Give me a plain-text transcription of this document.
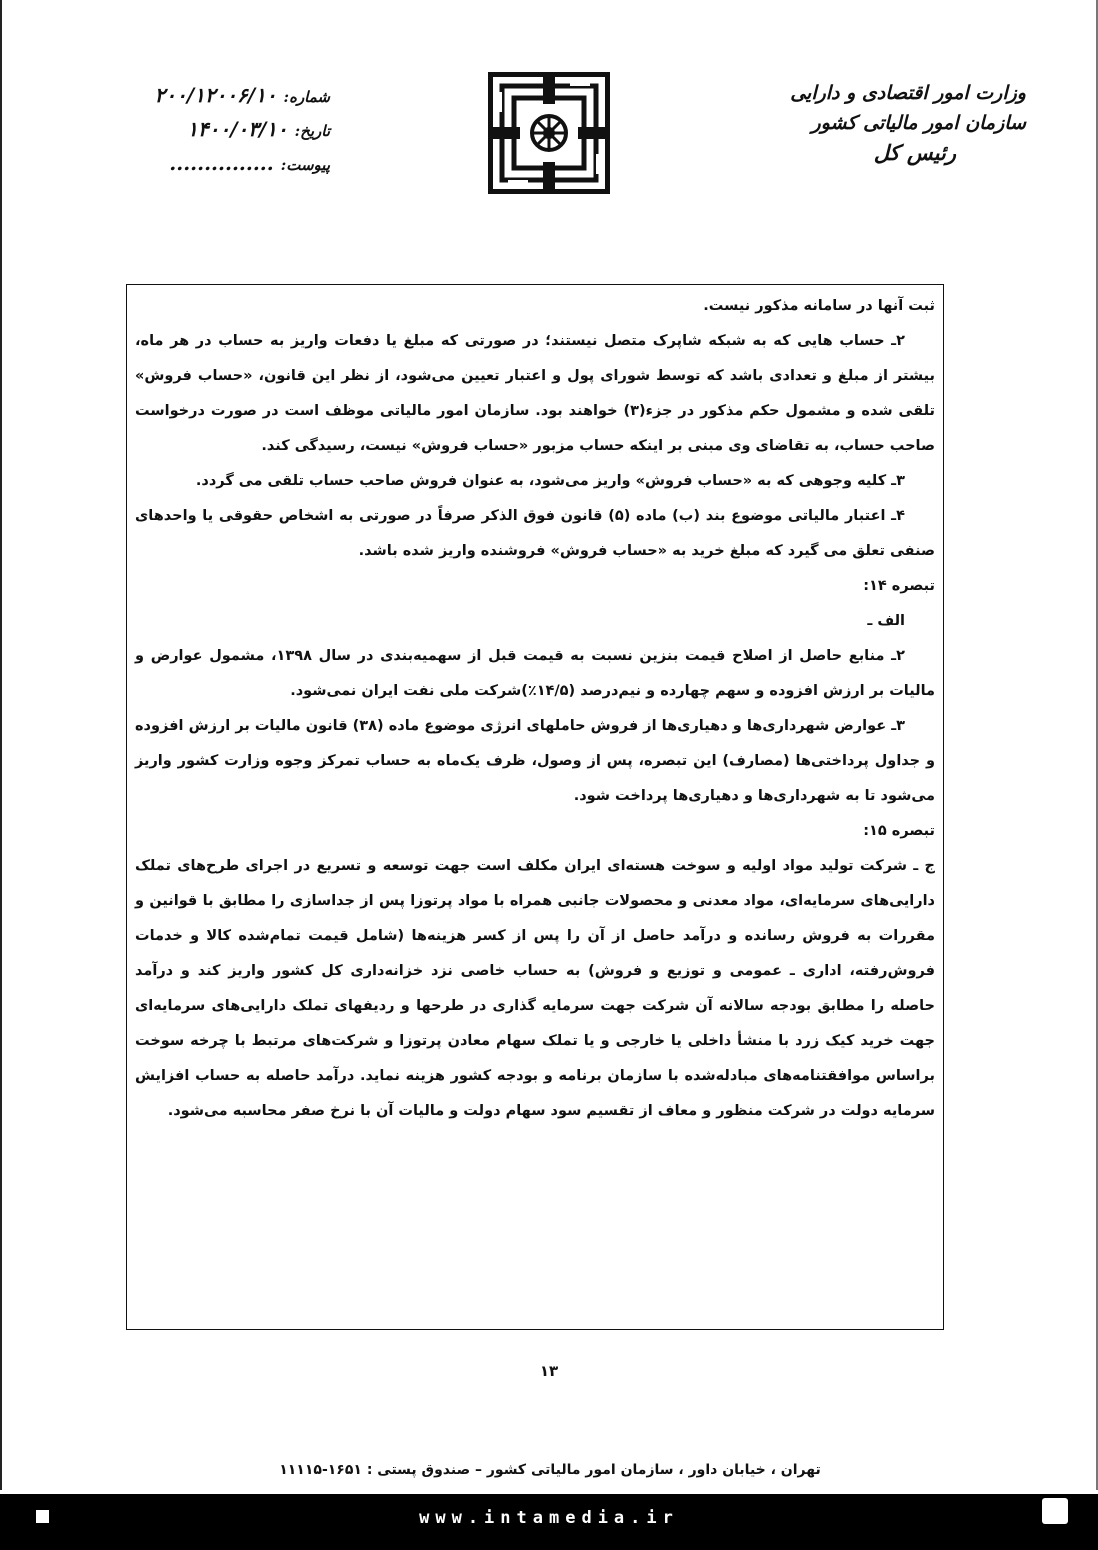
وزارت امور اقتصادی و دارایی
سازمان امور مالیاتی کشور
رئیس کل
شماره: ۲۰۰/۱۲۰۰۶/۱۰
تاریخ: ۱۴۰۰/۰۳/۱۰
پیوست: ...............

ثبت آنها در سامانه مذکور نیست.

۲ـ حساب هایی که به شبکه شاپرک متصل نیستند؛ در صورتی که مبلغ یا دفعات واریز به حساب در هر ماه، بیشتر از مبلغ و تعدادی باشد که توسط شورای پول و اعتبار تعیین می‌شود، از نظر این قانون، «حساب فروش» تلقی شده و مشمول حکم مذکور در جزء(۳) خواهند بود. سازمان امور مالیاتی موظف است در صورت درخواست صاحب حساب، به تقاضای وی مبنی بر اینکه حساب مزبور «حساب فروش» نیست، رسیدگی کند.

۳ـ کلیه وجوهی که به «حساب فروش» واریز می‌شود، به عنوان فروش صاحب حساب تلقی می گردد.

۴ـ اعتبار مالیاتی موضوع بند (ب) ماده (۵) قانون فوق الذکر صرفاً در صورتی به اشخاص حقوقی یا واحدهای صنفی تعلق می گیرد که مبلغ خرید به «حساب فروش» فروشنده واریز شده باشد.

تبصره ۱۴:

الف ـ

۲ـ منابع حاصل از اصلاح قیمت بنزین نسبت به قیمت قبل از سهمیه‌بندی در سال ۱۳۹۸، مشمول عوارض و مالیات بر ارزش افزوده و سهم چهارده و نیم‌درصد (۱۴/۵٪)شرکت ملی نفت ایران نمی‌شود.

۳ـ عوارض شهرداری‌ها و دهیاری‌ها از فروش حاملهای انرژی موضوع ماده (۳۸) قانون مالیات بر ارزش افزوده و جداول پرداختی‌ها (مصارف) این تبصره، پس از وصول، ظرف یک‌ماه به حساب تمرکز وجوه وزارت کشور واریز می‌شود تا به شهرداری‌ها و دهیاری‌ها پرداخت شود.

تبصره ۱۵:

ج ـ شرکت تولید مواد اولیه و سوخت هسته‌ای ایران مکلف است جهت توسعه و تسریع در اجرای طرح‌های تملک دارایی‌های سرمایه‌ای، مواد معدنی و محصولات جانبی همراه با مواد پرتوزا پس از جداسازی را مطابق با قوانین و مقررات به فروش رسانده و درآمد حاصل از آن را پس از کسر هزینه‌ها (شامل قیمت تمام‌شده کالا و خدمات فروش‌رفته، اداری ـ عمومی و توزیع و فروش) به حساب خاصی نزد خزانه‌داری کل کشور واریز کند و درآمد حاصله را مطابق بودجه سالانه آن شرکت جهت سرمایه گذاری در طرحها و ردیفهای تملک دارایی‌های سرمایه‌ای جهت خرید کیک زرد با منشأ داخلی یا خارجی و یا تملک سهام معادن پرتوزا و شرکت‌های مرتبط با چرخه سوخت براساس موافقتنامه‌های مبادله‌شده با سازمان برنامه و بودجه کشور هزینه نماید. درآمد حاصله به حساب افزایش سرمایه دولت در شرکت منظور و معاف از تقسیم سود سهام دولت و مالیات آن با نرخ صفر محاسبه می‌شود.

۱۳
تهران ، خیابان داور ، سازمان امور مالیاتی کشور – صندوق پستی : ۱۶۵۱-۱۱۱۱۵
www.intamedia.ir
